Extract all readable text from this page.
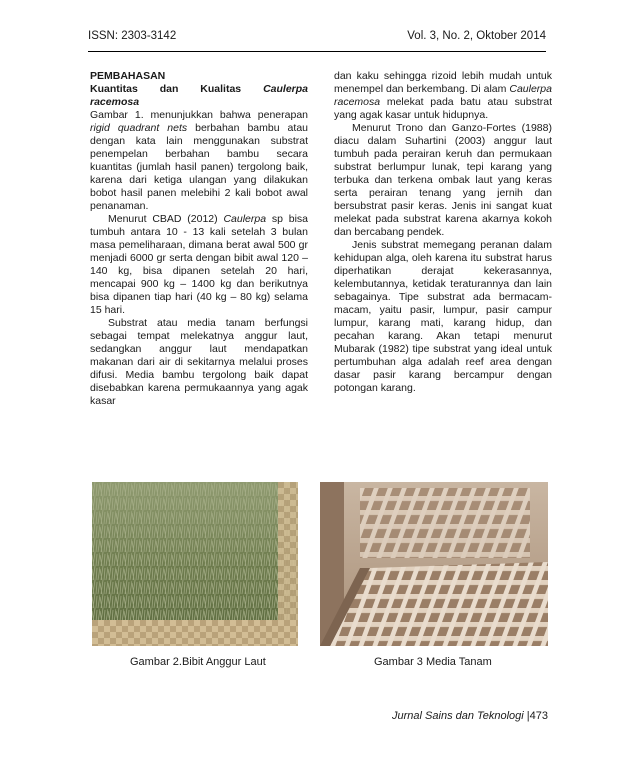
ISSN: 2303-3142	Vol. 3, No. 2, Oktober 2014
PEMBAHASAN
Kuantitas dan Kualitas Caulerpa
racemosa

Gambar 1. menunjukkan bahwa penerapan rigid quadrant nets berbahan bambu atau dengan kata lain menggunakan substrat penempelan berbahan bambu secara kuantitas (jumlah hasil panen) tergolong baik, karena dari ketiga ulangan yang dilakukan bobot hasil panen melebihi 2 kali bobot awal penanaman.

Menurut CBAD (2012) Caulerpa sp bisa tumbuh antara 10 - 13 kali setelah 3 bulan masa pemeliharaan, dimana berat awal 500 gr menjadi 6000 gr serta dengan bibit awal 120 – 140 kg, bisa dipanen setelah 20 hari, mencapai 900 kg – 1400 kg dan berikutnya bisa dipanen tiap hari (40 kg – 80 kg) selama 15 hari.

Substrat atau media tanam berfungsi sebagai tempat melekatnya anggur laut, sedangkan anggur laut mendapatkan makanan dari air di sekitarnya melalui proses difusi. Media bambu tergolong baik dapat disebabkan karena permukaannya yang agak kasar

dan kaku sehingga rizoid lebih mudah untuk menempel dan berkembang. Di alam Caulerpa racemosa melekat pada batu atau substrat yang agak kasar untuk hidupnya.

Menurut Trono dan Ganzo-Fortes (1988) diacu dalam Suhartini (2003) anggur laut tumbuh pada perairan keruh dan permukaan substrat berlumpur lunak, tepi karang yang terbuka dan terkena ombak laut yang keras serta perairan tenang yang jernih dan bersubstrat pasir keras. Jenis ini sangat kuat melekat pada substrat karena akarnya kokoh dan bercabang pendek.

Jenis substrat memegang peranan dalam kehidupan alga, oleh karena itu substrat harus diperhatikan derajat kekerasannya, kelembutannya, ketidak teraturannya dan lain sebagainya. Tipe substrat ada bermacam-macam, yaitu pasir, lumpur, pasir campur lumpur, karang mati, karang hidup, dan pecahan karang. Akan tetapi menurut Mubarak (1982) tipe substrat yang ideal untuk pertumbuhan alga adalah reef area dengan dasar pasir karang bercampur dengan potongan karang.

Gambar 2.Bibit Anggur Laut	Gambar 3 Media Tanam
Jurnal Sains dan Teknologi |473
